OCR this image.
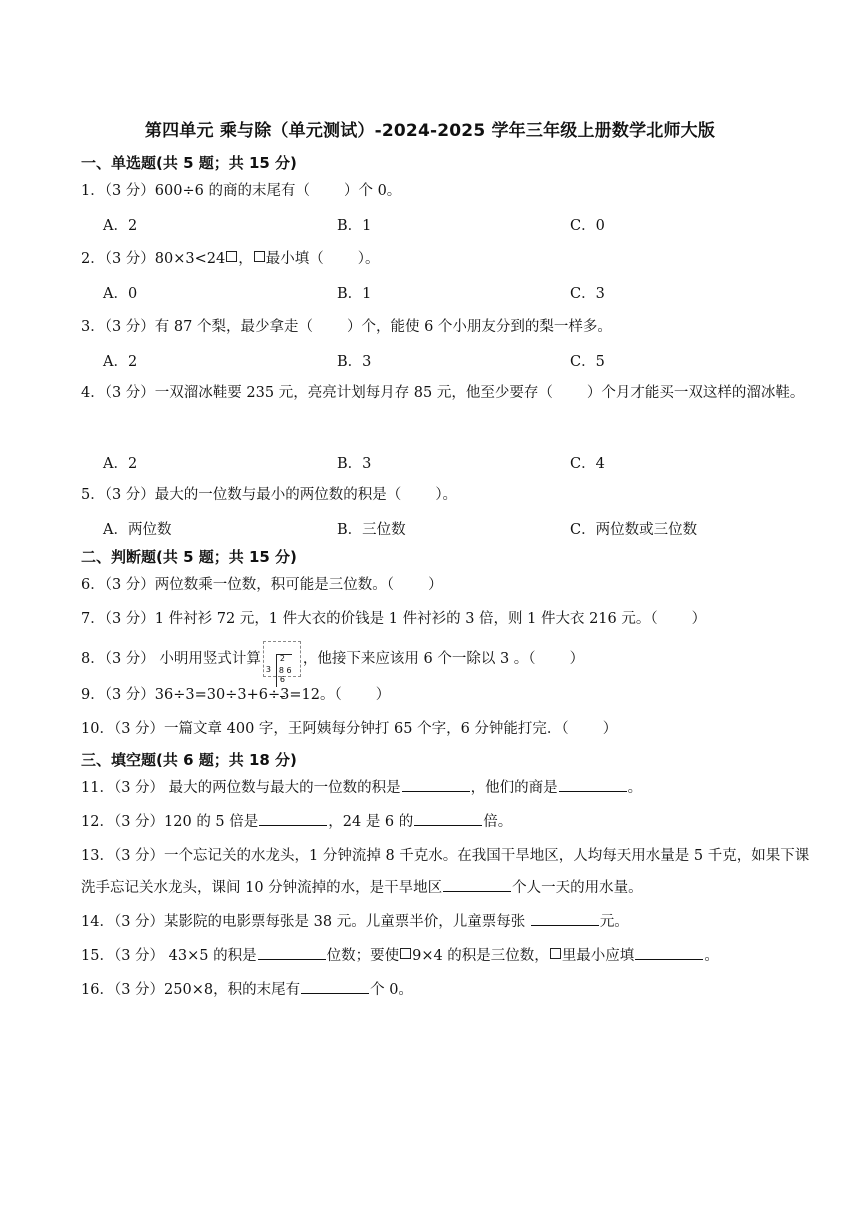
第四单元 乘与除（单元测试）-2024-2025 学年三年级上册数学北师大版
一、单选题(共 5 题；共 15 分)
1．（3 分）600÷6 的商的末尾有（ ）个 0。
A．2	B．1	C．0
2．（3 分）80×3<24 ， 最小填（ ）。
A．0	B．1	C．3
3．（3 分）有 87 个梨，最少拿走（ ）个，能使 6 个小朋友分到的梨一样多。
A．2	B．3	C．5
4．（3 分）一双溜冰鞋要 235 元，亮亮计划每月存 85 元，他至少要存（ ）个月才能买一双这样的溜冰鞋。
A．2	B．3	C．4
5．（3 分）最大的一位数与最小的两位数的积是（ ）。
A．两位数	B．三位数	C．两位数或三位数
二、判断题(共 5 题；共 15 分)
6．（3 分）两位数乘一位数，积可能是三位数。（ ）
7．（3 分）1 件衬衫 72 元，1 件大衣的价钱是 1 件衬衫的 3 倍，则 1 件大衣 216 元。（ ）
8．（3 分） 小明用竖式计算 2
3 8 6
6
，他接下来应该用 6 个一除以 3 。（ ）
9．（3 分）36÷3=30÷3+6÷3=12。（ ）
10．（3 分）一篇文章 400 字，王阿姨每分钟打 65 个字，6 分钟能打完．（ ）
三、填空题(共 6 题；共 18 分)
11．（3 分） 最大的两位数与最大的一位数的积是	，他们的商是	。
12．（3 分）120 的 5 倍是	，24 是 6 的	倍。
13．（3 分）一个忘记关的水龙头，1 分钟流掉 8 千克水。在我国干旱地区，人均每天用水量是 5 千克，如果下课洗手忘记关水龙头，课间 10 分钟流掉的水，是干旱地区	个人一天的用水量。
14．（3 分）某影院的电影票每张是 38 元。儿童票半价，儿童票每张	元。
15．（3 分） 43×5 的积是	位数；要使 9×4 的积是三位数， 里最小应填	。
16．（3 分）250×8，积的末尾有	个 0。
